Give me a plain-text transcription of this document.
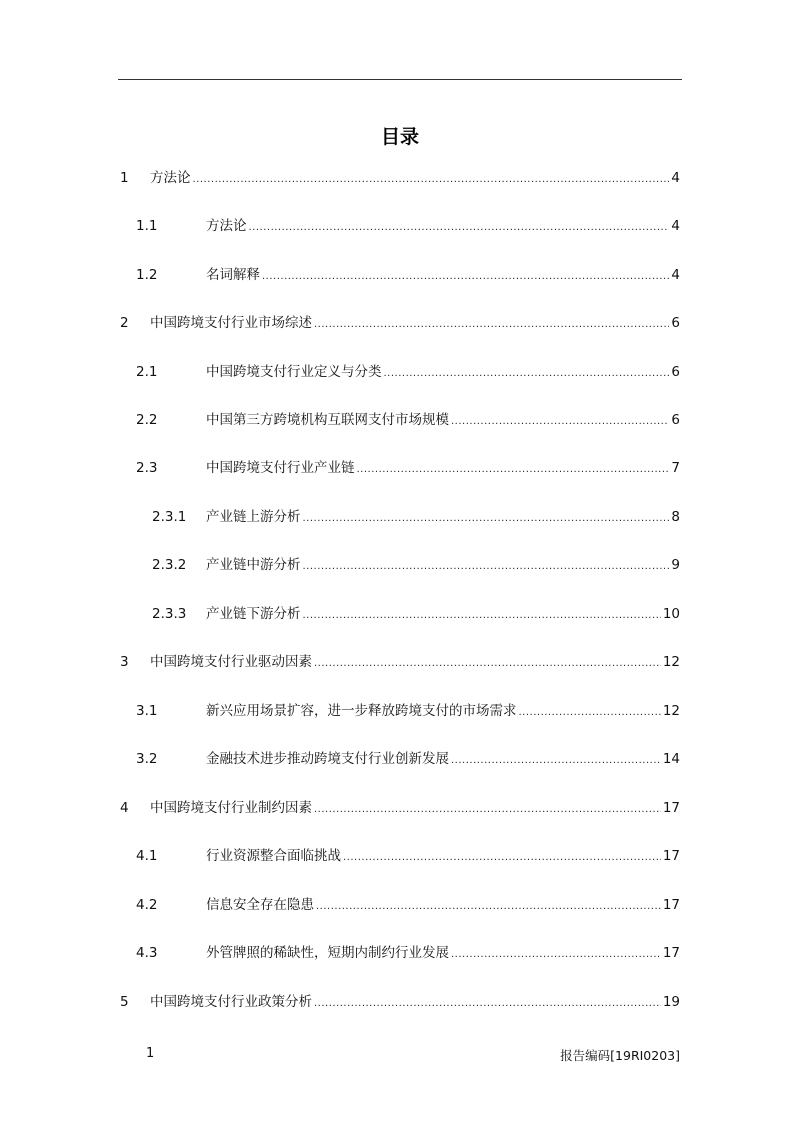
目录
1	方法论 .....	4
1.1	方法论 .....	4
1.2	名词解释 .....	4
2	中国跨境支付行业市场综述 .....	6
2.1	中国跨境支付行业定义与分类 .....	6
2.2	中国第三方跨境机构互联网支付市场规模 .....	6
2.3	中国跨境支付行业产业链 .....	7
2.3.1	产业链上游分析 .....	8
2.3.2	产业链中游分析 .....	9
2.3.3	产业链下游分析 .....	10
3	中国跨境支付行业驱动因素 .....	12
3.1	新兴应用场景扩容，进一步释放跨境支付的市场需求 .....	12
3.2	金融技术进步推动跨境支付行业创新发展 .....	14
4	中国跨境支付行业制约因素 .....	17
4.1	行业资源整合面临挑战 .....	17
4.2	信息安全存在隐患 .....	17
4.3	外管牌照的稀缺性，短期内制约行业发展 .....	17
5	中国跨境支付行业政策分析 .....	19
1	报告编码[19RI0203]
